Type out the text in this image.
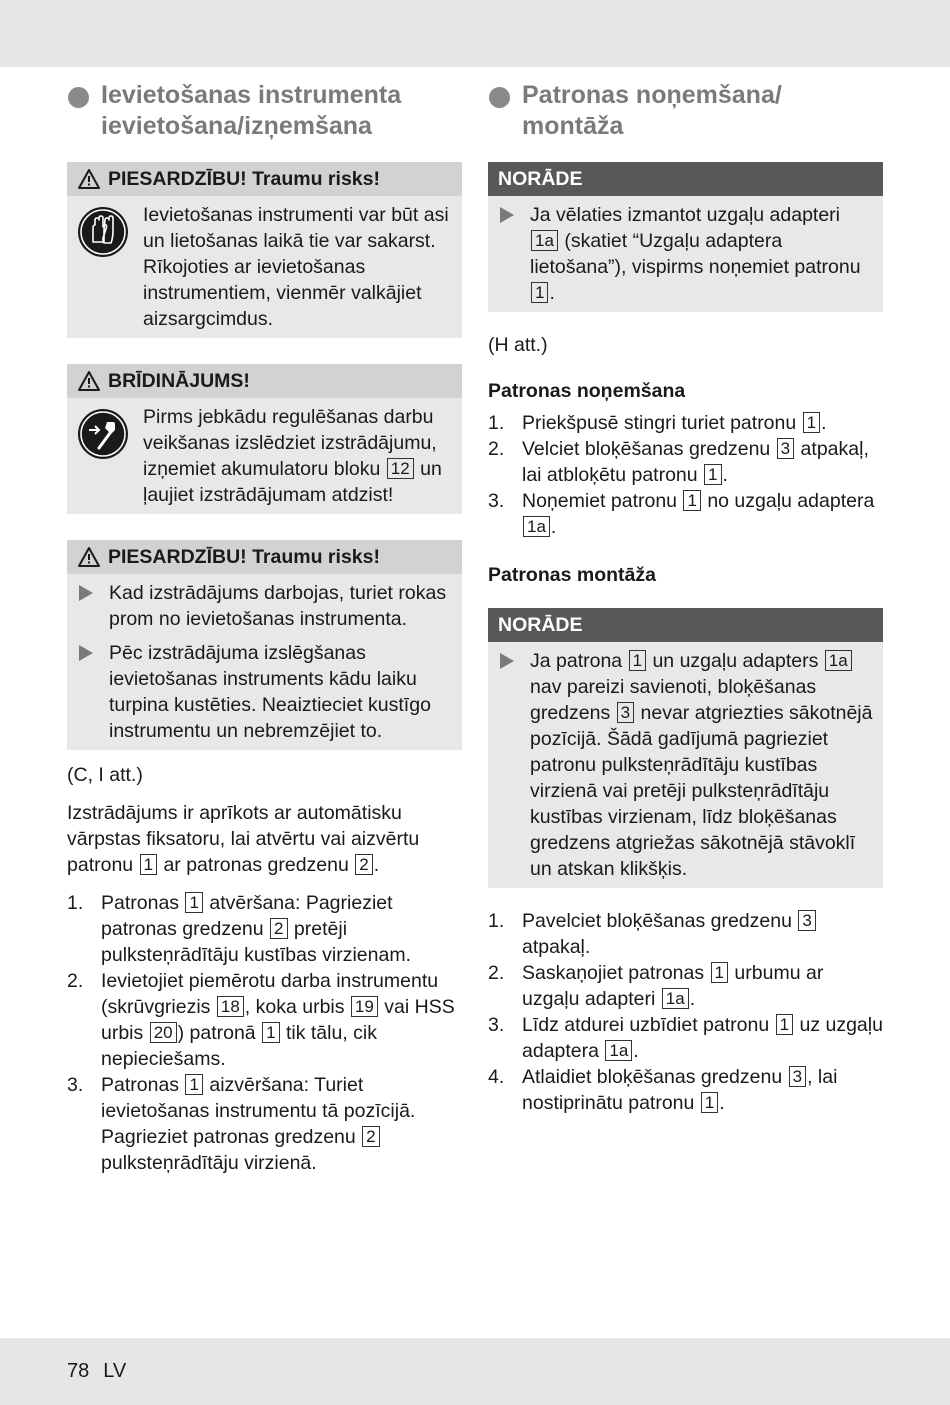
Ievietošanas instrumenta ievietošana/izņemšana
PIESARDZĪBU! Traumu risks!
Ievietošanas instrumenti var būt asi un lietošanas laikā tie var sakarst. Rīkojoties ar ievietošanas instrumentiem, vienmēr valkājiet aizsargcimdus.
BRĪDINĀJUMS!
Pirms jebkādu regulēšanas darbu veikšanas izslēdziet izstrādājumu, izņemiet akumulatoru bloku 12 un ļaujiet izstrādājumam atdzist!
PIESARDZĪBU! Traumu risks!
Kad izstrādājums darbojas, turiet rokas prom no ievietošanas instrumenta.
Pēc izstrādājuma izslēgšanas ievietošanas instruments kādu laiku turpina kustēties. Neaiztieciet kustīgo instrumentu un nebremzējiet to.

(C, I att.)

Izstrādājums ir aprīkots ar automātisku vārpstas fiksatoru, lai atvērtu vai aizvērtu patronu 1 ar patronas gredzenu 2 .

1. Patronas 1 atvēršana: Pagrieziet patronas gredzenu 2 pretēji pulksteņrādītāju kustības virzienam.
2. Ievietojiet piemērotu darba instrumentu (skrūvgriezis 18 , koka urbis 19 vai HSS urbis 20 ) patronā 1 tik tālu, cik nepieciešams.
3. Patronas 1 aizvēršana: Turiet ievietošanas instrumentu tā pozīcijā. Pagrieziet patronas gredzenu 2 pulksteņrādītāju virzienā.
Patronas noņemšana/ montāža
NORĀDE
Ja vēlaties izmantot uzgaļu adapteri 1a (skatiet “Uzgaļu adaptera lietošana”), vispirms noņemiet patronu 1 .

(H att.)

Patronas noņemšana
1. Priekšpusē stingri turiet patronu 1 .
2. Velciet bloķēšanas gredzenu 3 atpakaļ, lai atbloķētu patronu 1 .
3. Noņemiet patronu 1 no uzgaļu adaptera 1a .
Patronas montāža
NORĀDE
Ja patrona 1 un uzgaļu adapters 1a nav pareizi savienoti, bloķēšanas gredzens 3 nevar atgriezties sākotnējā pozīcijā. Šādā gadījumā pagrieziet patronu pulksteņrādītāju kustības virzienā vai pretēji pulksteņrādītāju kustības virzienam, līdz bloķēšanas gredzens atgriežas sākotnējā stāvoklī un atskan klikšķis.
1. Pavelciet bloķēšanas gredzenu 3 atpakaļ.
2. Saskaņojiet patronas 1 urbumu ar uzgaļu adapteri 1a .
3. Līdz atdurei uzbīdiet patronu 1 uz uzgaļu adaptera 1a .
4. Atlaidiet bloķēšanas gredzenu 3 , lai nostiprinātu patronu 1 .
78 LV
